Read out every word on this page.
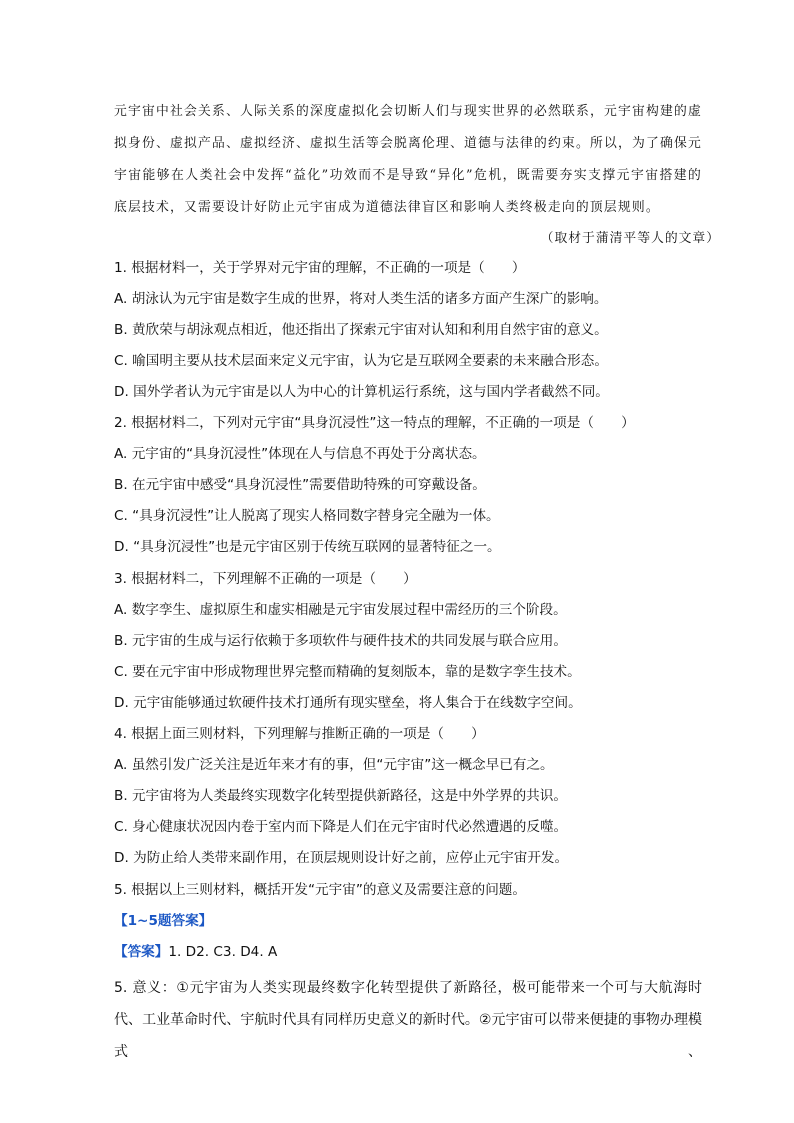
元宇宙中社会关系、人际关系的深度虚拟化会切断人们与现实世界的必然联系，元宇宙构建的虚拟身份、虚拟产品、虚拟经济、虚拟生活等会脱离伦理、道德与法律的约束。所以，为了确保元宇宙能够在人类社会中发挥“益化”功效而不是导致“异化”危机，既需要夯实支撑元宇宙搭建的底层技术，又需要设计好防止元宇宙成为道德法律盲区和影响人类终极走向的顶层规则。

（取材于蒲清平等人的文章）
1. 根据材料一，关于学界对元宇宙的理解，不正确的一项是（　　）
A. 胡泳认为元宇宙是数字生成的世界，将对人类生活的诸多方面产生深广的影响。
B. 黄欣荣与胡泳观点相近，他还指出了探索元宇宙对认知和利用自然宇宙的意义。
C. 喻国明主要从技术层面来定义元宇宙，认为它是互联网全要素的未来融合形态。
D. 国外学者认为元宇宙是以人为中心的计算机运行系统，这与国内学者截然不同。
2. 根据材料二，下列对元宇宙“具身沉浸性”这一特点的理解，不正确的一项是（　　）
A. 元宇宙的“具身沉浸性”体现在人与信息不再处于分离状态。
B. 在元宇宙中感受“具身沉浸性”需要借助特殊的可穿戴设备。
C. “具身沉浸性”让人脱离了现实人格同数字替身完全融为一体。
D. “具身沉浸性”也是元宇宙区别于传统互联网的显著特征之一。
3. 根据材料二，下列理解不正确的一项是（　　）
A. 数字孪生、虚拟原生和虚实相融是元宇宙发展过程中需经历的三个阶段。
B. 元宇宙的生成与运行依赖于多项软件与硬件技术的共同发展与联合应用。
C. 要在元宇宙中形成物理世界完整而精确的复刻版本，靠的是数字孪生技术。
D. 元宇宙能够通过软硬件技术打通所有现实壁垒，将人集合于在线数字空间。
4. 根据上面三则材料，下列理解与推断正确的一项是（　　）
A. 虽然引发广泛关注是近年来才有的事，但“元宇宙”这一概念早已有之。
B. 元宇宙将为人类最终实现数字化转型提供新路径，这是中外学界的共识。
C. 身心健康状况因内卷于室内而下降是人们在元宇宙时代必然遭遇的反噬。
D. 为防止给人类带来副作用，在顶层规则设计好之前，应停止元宇宙开发。
5. 根据以上三则材料，概括开发“元宇宙”的意义及需要注意的问题。
【1~5题答案】
【答案】1. D2. C3. D4. A

5. 意义：①元宇宙为人类实现最终数字化转型提供了新路径，极可能带来一个可与大航海时代、工业革命时代、宇航时代具有同样历史意义的新时代。②元宇宙可以带来便捷的事物办理模式、
